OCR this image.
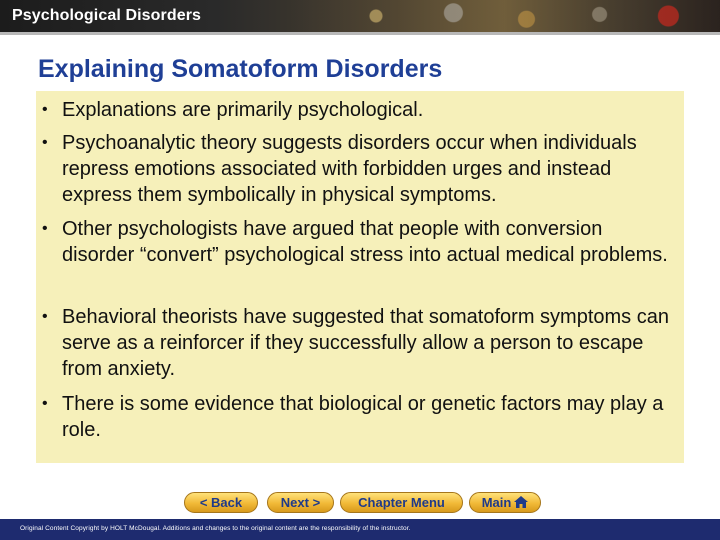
Psychological Disorders
Explaining Somatoform Disorders
• Explanations are primarily psychological.
• Psychoanalytic theory suggests disorders occur when individuals repress emotions associated with forbidden urges and instead express them symbolically in physical symptoms.
• Other psychologists have argued that people with conversion disorder “convert” psychological stress into actual medical problems.
• Behavioral theorists have suggested that somatoform symptoms can serve as a reinforcer if they successfully allow a person to escape from anxiety.
• There is some evidence that biological or genetic factors may play a role.
< Back	Next >	Chapter Menu	Main
Original Content Copyright by HOLT McDougal. Additions and changes to the original content are the responsibility of the instructor.
